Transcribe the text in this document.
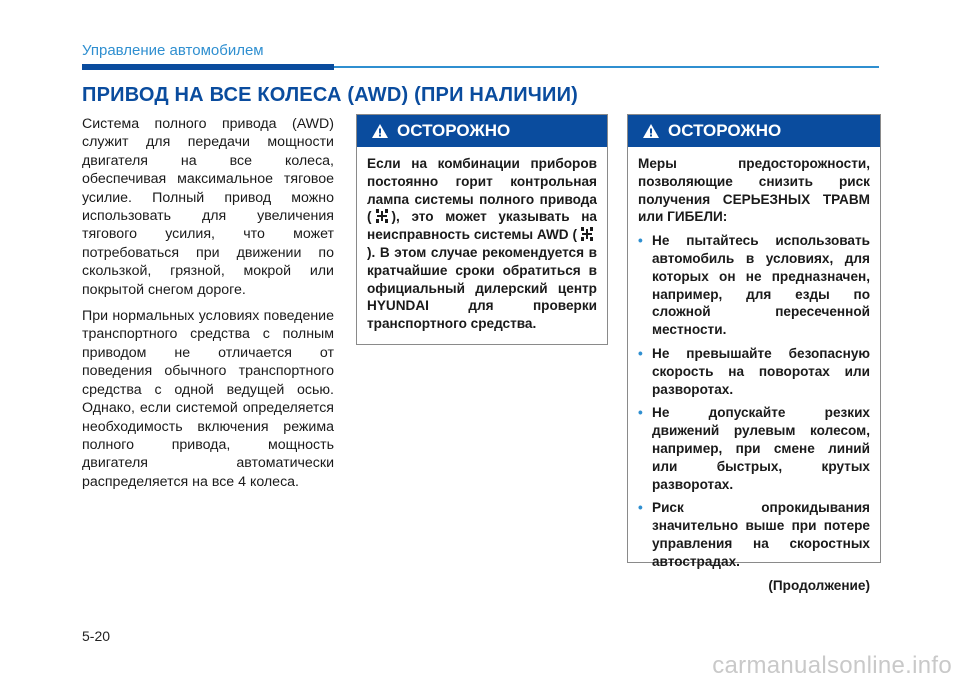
Управление автомобилем
ПРИВОД НА ВСЕ КОЛЕСА (AWD) (ПРИ НАЛИЧИИ)

Система полного привода (AWD) служит для передачи мощности двигателя на все колеса, обеспечивая максимальное тяговое усилие. Полный привод можно использовать для увеличения тягового усилия, что может потребоваться при движении по скользкой, грязной, мокрой или покрытой снегом дороге.

При нормальных условиях поведение транспортного средства с полным приводом не отличается от поведения обычного транспортного средства с одной ведущей осью. Однако, если системой определяется необходимость включения режима полного привода, мощность двигателя автоматически распределяется на все 4 колеса.

ОСТОРОЖНО

Если на комбинации приборов постоянно горит контрольная лампа системы полного привода ( ), это может указывать на неисправность системы AWD (). В этом случае рекомендуется в кратчайшие сроки обратиться в официальный дилерский центр HYUNDAI для проверки транспортного средства.

ОСТОРОЖНО

Меры предосторожности, позволяющие снизить риск получения СЕРЬЕЗНЫХ ТРАВМ или ГИБЕЛИ:

• Не пытайтесь использовать автомобиль в условиях, для которых он не предназначен, например, для езды по сложной пересеченной местности.
• Не превышайте безопасную скорость на поворотах или разворотах.
• Не допускайте резких движений рулевым колесом, например, при смене линий или быстрых, крутых разворотах.
• Риск опрокидывания значительно выше при потере управления на скоростных автострадах.
(Продолжение)
5-20
carmanualsonline.info
